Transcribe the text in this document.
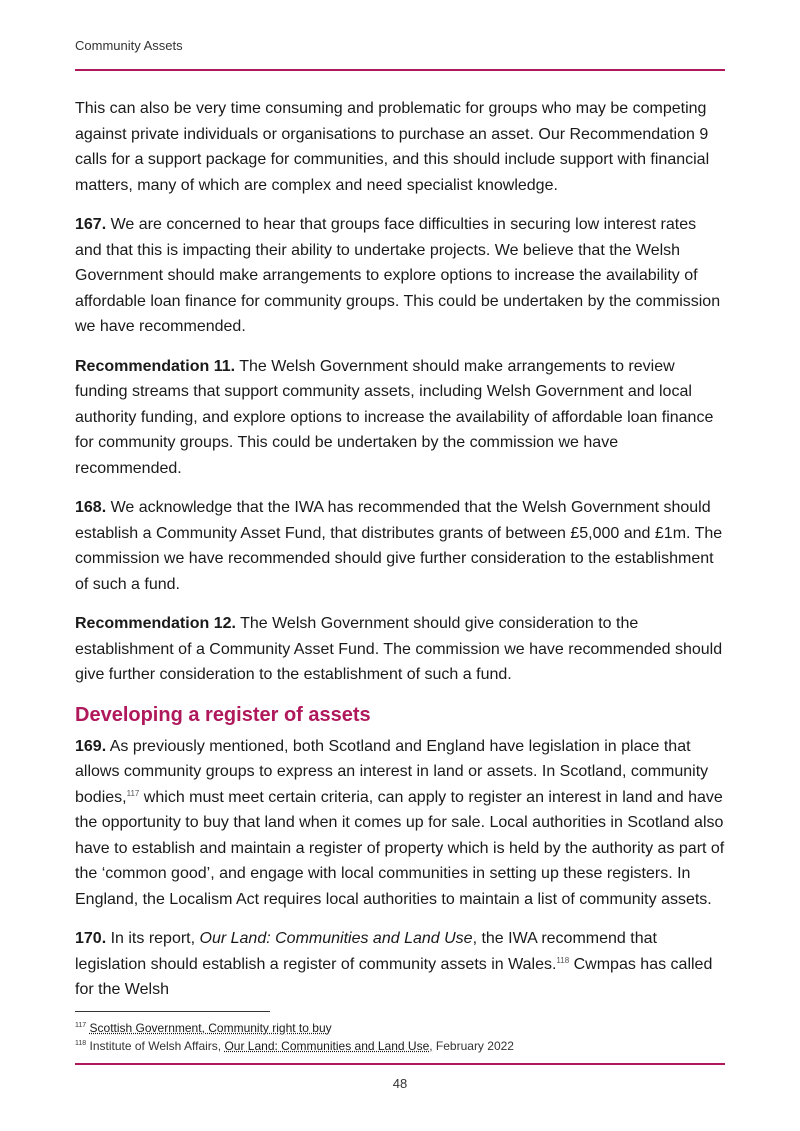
Community Assets

This can also be very time consuming and problematic for groups who may be competing against private individuals or organisations to purchase an asset. Our Recommendation 9 calls for a support package for communities, and this should include support with financial matters, many of which are complex and need specialist knowledge.

167. We are concerned to hear that groups face difficulties in securing low interest rates and that this is impacting their ability to undertake projects. We believe that the Welsh Government should make arrangements to explore options to increase the availability of affordable loan finance for community groups. This could be undertaken by the commission we have recommended.

Recommendation 11. The Welsh Government should make arrangements to review funding streams that support community assets, including Welsh Government and local authority funding, and explore options to increase the availability of affordable loan finance for community groups. This could be undertaken by the commission we have recommended.

168. We acknowledge that the IWA has recommended that the Welsh Government should establish a Community Asset Fund, that distributes grants of between £5,000 and £1m. The commission we have recommended should give further consideration to the establishment of such a fund.

Recommendation 12. The Welsh Government should give consideration to the establishment of a Community Asset Fund. The commission we have recommended should give further consideration to the establishment of such a fund.

Developing a register of assets

169. As previously mentioned, both Scotland and England have legislation in place that allows community groups to express an interest in land or assets. In Scotland, community bodies,$^{117}$ which must meet certain criteria, can apply to register an interest in land and have the opportunity to buy that land when it comes up for sale. Local authorities in Scotland also have to establish and maintain a register of property which is held by the authority as part of the ‘common good’, and engage with local communities in setting up these registers. In England, the Localism Act requires local authorities to maintain a list of community assets.

170. In its report, Our Land: Communities and Land Use, the IWA recommend that legislation should establish a register of community assets in Wales.$^{118}$ Cwmpas has called for the Welsh

$^{117}$ Scottish Government, Community right to buy

$^{118}$ Institute of Welsh Affairs, Our Land: Communities and Land Use, February 2022

48
